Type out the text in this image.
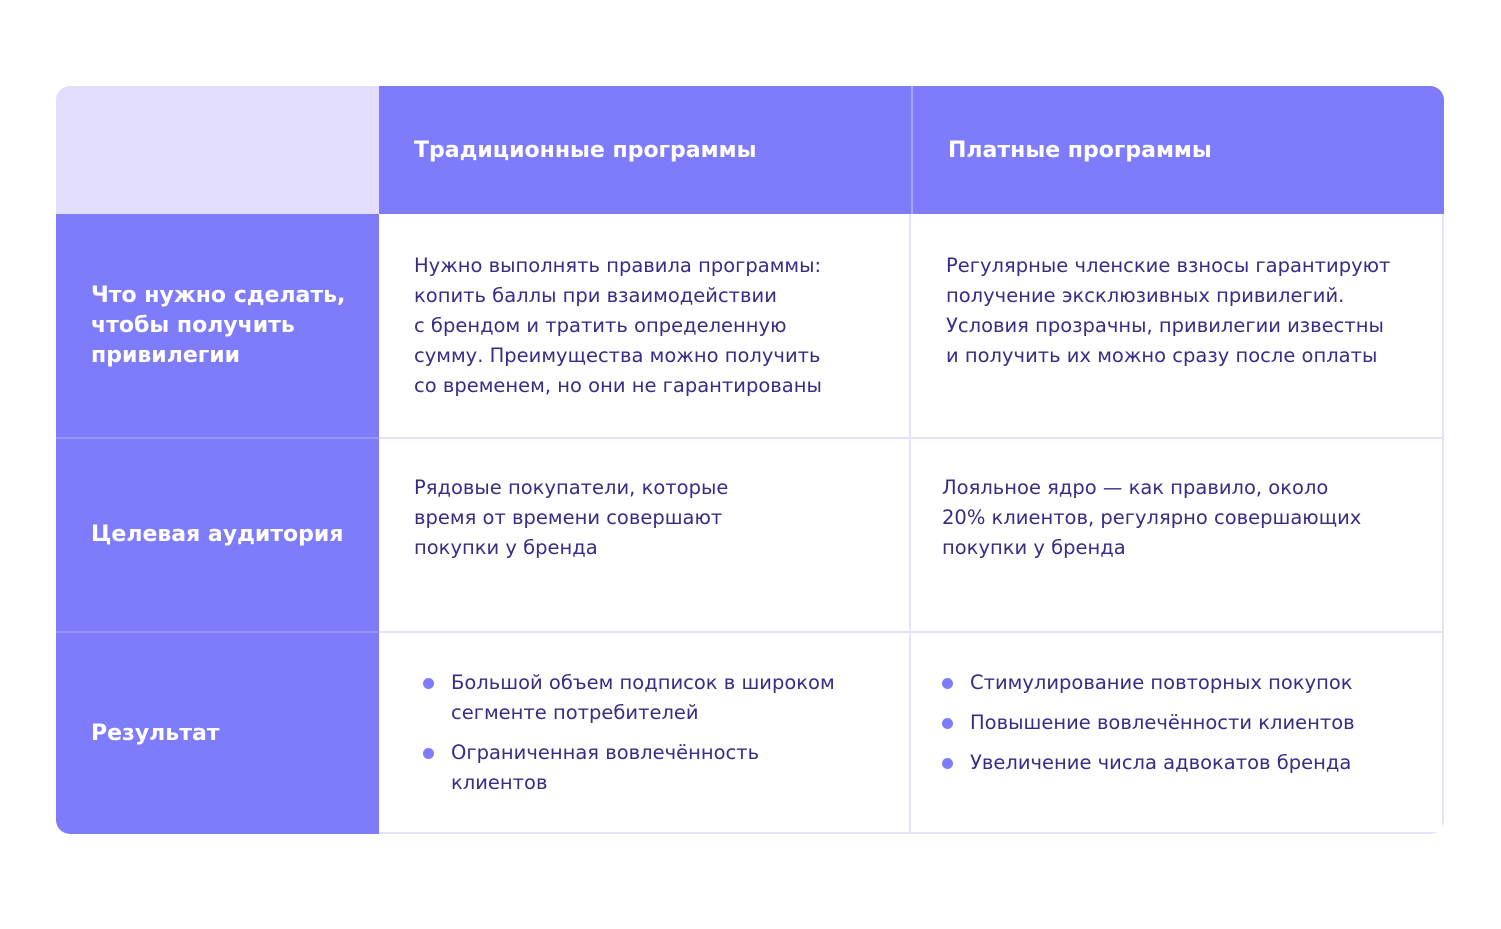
Традиционные программы	Платные программы
Что нужно сделать, чтобы получить привилегии
Нужно выполнять правила программы:
копить баллы при взаимодействии
с брендом и тратить определенную
сумму. Преимущества можно получить
со временем, но они не гарантированы
Регулярные членские взносы гарантируют
получение эксклюзивных привилегий.
Условия прозрачны, привилегии известны
и получить их можно сразу после оплаты
Целевая аудитория
Рядовые покупатели, которые
время от времени совершают
покупки у бренда
Лояльное ядро — как правило, около
20% клиентов, регулярно совершающих
покупки у бренда
Результат
Большой объем подписок в широком
сегменте потребителей
Ограниченная вовлечённость
клиентов
Стимулирование повторных покупок
Повышение вовлечённости клиентов
Увеличение числа адвокатов бренда
